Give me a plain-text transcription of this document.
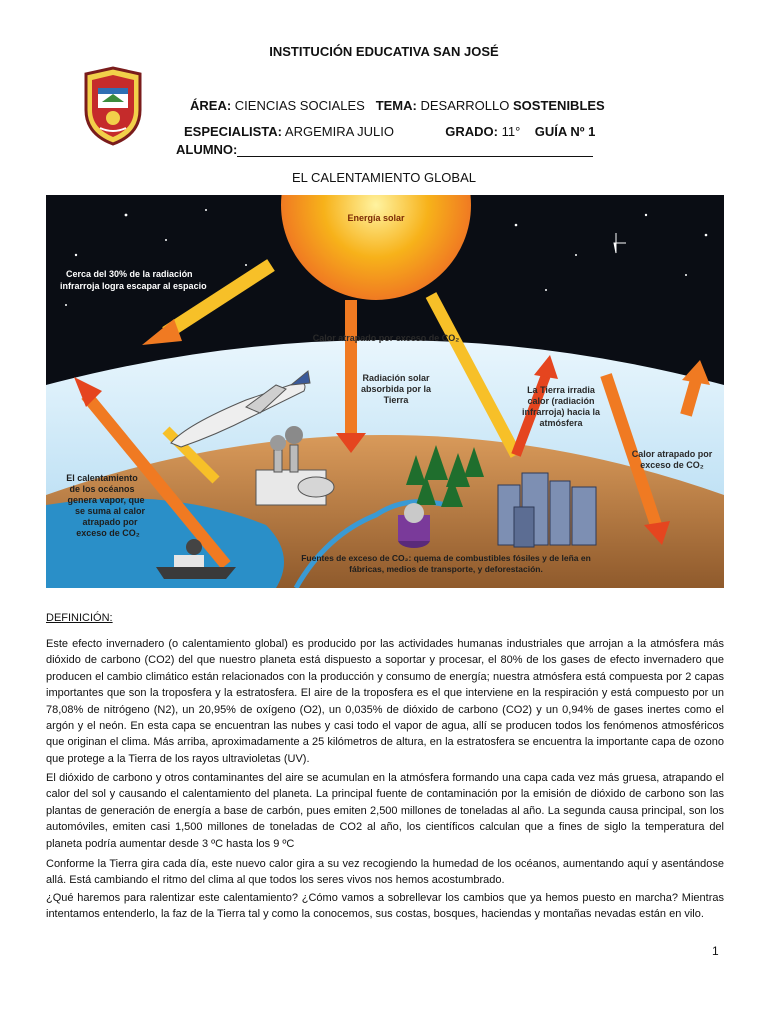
INSTITUCIÓN EDUCATIVA SAN JOSÉ
ÁREA: CIENCIAS SOCIALES TEMA: DESARROLLO SOSTENIBLES
ESPECIALISTA: ARGEMIRA JULIO	GRADO: 11° GUÍA Nº 1
ALUMNO:
EL CALENTAMIENTO GLOBAL
Energía solar
Cerca del 30% de la radiación
infrarroja logra escapar al espacio
Calor atrapado por exceso de CO₂
Radiación solar
absorbida por la
Tierra
La Tierra irradia
calor (radiación
infrarroja) hacia la
atmósfera
Calor atrapado por
exceso de CO₂
El calentamiento
de los océanos
genera vapor, que
se suma al calor
atrapado por
exceso de CO₂
Fuentes de exceso de CO₂: quema de combustibles fósiles y de leña en
fábricas, medios de transporte, y deforestación.
DEFINICIÓN:

Este efecto invernadero (o calentamiento global) es producido por las actividades humanas industriales que arrojan a la atmósfera más dióxido de carbono (CO2) del que nuestro planeta está dispuesto a soportar y procesar, el 80% de los gases de efecto invernadero que producen el cambio climático están relacionados con la producción y consumo de energía; nuestra atmósfera está compuesta por 2 capas importantes que son la troposfera y la estratosfera. El aire de la troposfera es el que interviene en la respiración y está compuesto por un 78,08% de nitrógeno (N2), un 20,95% de oxígeno (O2), un 0,035% de dióxido de carbono (CO2) y un 0,94% de gases inertes como el argón y el neón. En esta capa se encuentran las nubes y casi todo el vapor de agua, allí se producen todos los fenómenos atmosféricos que originan el clima. Más arriba, aproximadamente a 25 kilómetros de altura, en la estratosfera se encuentra la importante capa de ozono que protege a la Tierra de los rayos ultravioletas (UV).

El dióxido de carbono y otros contaminantes del aire se acumulan en la atmósfera formando una capa cada vez más gruesa, atrapando el calor del sol y causando el calentamiento del planeta. La principal fuente de contaminación por la emisión de dióxido de carbono son las plantas de generación de energía a base de carbón, pues emiten 2,500 millones de toneladas al año. La segunda causa principal, son los automóviles, emiten casi 1,500 millones de toneladas de CO2 al año, los científicos calculan que a fines de siglo la temperatura del planeta podría aumentar desde 3 ºC hasta los 9 ºC

Conforme la Tierra gira cada día, este nuevo calor gira a su vez recogiendo la humedad de los océanos, aumentando aquí y asentándose allá. Está cambiando el ritmo del clima al que todos los seres vivos nos hemos acostumbrado.

¿Qué haremos para ralentizar este calentamiento? ¿Cómo vamos a sobrellevar los cambios que ya hemos puesto en marcha? Mientras intentamos entenderlo, la faz de la Tierra tal y como la conocemos, sus costas, bosques, haciendas y montañas nevadas están en vilo.

1
